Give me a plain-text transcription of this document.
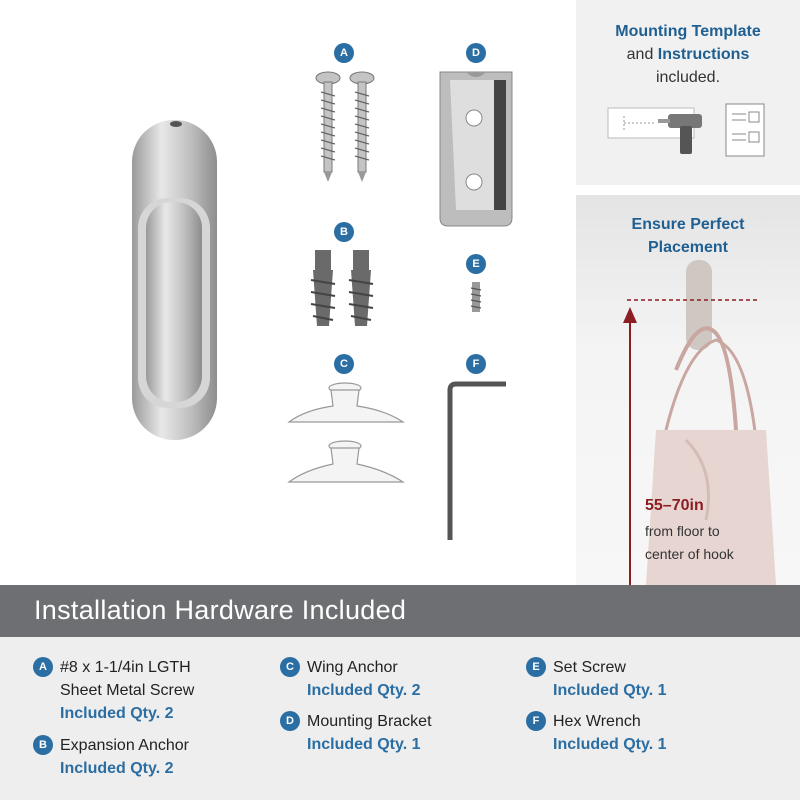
A	D
B
E
C	F
Mounting Template
and Instructions
included.
Ensure Perfect
Placement
55–70in
from floor to
center of hook
Installation Hardware Included
A #8 x 1-1/4in LGTH
Sheet Metal Screw
Included Qty. 2
B Expansion Anchor
Included Qty. 2
C Wing Anchor
Included Qty. 2
D Mounting Bracket
Included Qty. 1
E Set Screw
Included Qty. 1
F Hex Wrench
Included Qty. 1
